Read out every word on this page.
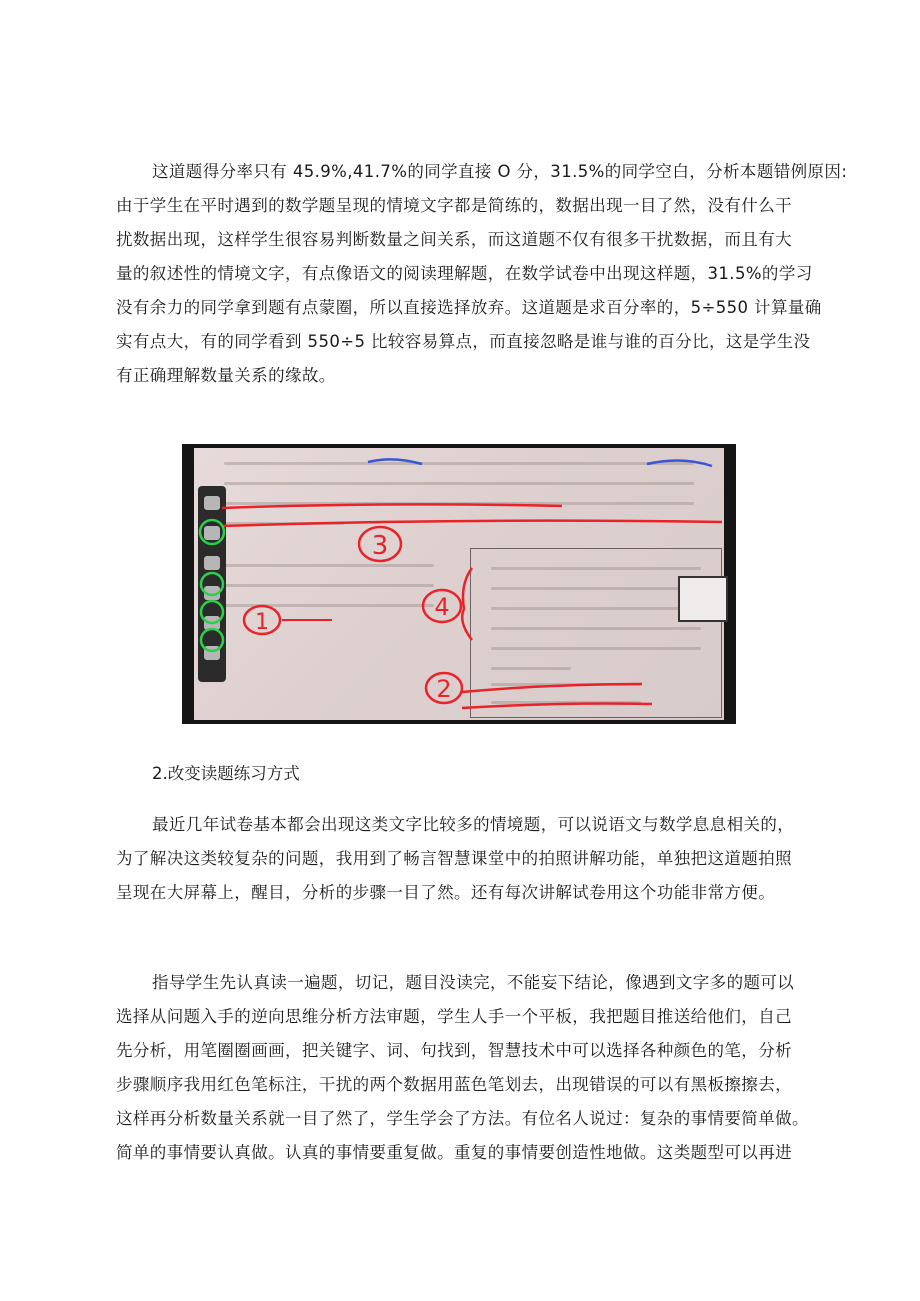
这道题得分率只有 45.9%,41.7%的同学直接 O 分，31.5%的同学空白，分析本题错例原因:
由于学生在平时遇到的数学题呈现的情境文字都是简练的，数据出现一目了然，没有什么干
扰数据出现，这样学生很容易判断数量之间关系，而这道题不仅有很多干扰数据，而且有大
量的叙述性的情境文字，有点像语文的阅读理解题，在数学试卷中出现这样题，31.5%的学习
没有余力的同学拿到题有点蒙圈，所以直接选择放弃。这道题是求百分率的，5÷550 计算量确
实有点大，有的同学看到 550÷5 比较容易算点，而直接忽略是谁与谁的百分比，这是学生没
有正确理解数量关系的缘故。
3
4
1
2

2.改变读题练习方式

最近几年试卷基本都会出现这类文字比较多的情境题，可以说语文与数学息息相关的，
为了解决这类较复杂的问题，我用到了畅言智慧课堂中的拍照讲解功能，单独把这道题拍照
呈现在大屏幕上，醒目，分析的步骤一目了然。还有每次讲解试卷用这个功能非常方便。
指导学生先认真读一遍题，切记，题目没读完，不能妄下结论，像遇到文字多的题可以
选择从问题入手的逆向思维分析方法审题，学生人手一个平板，我把题目推送给他们，自己
先分析，用笔圈圈画画，把关键字、词、句找到，智慧技术中可以选择各种颜色的笔，分析
步骤顺序我用红色笔标注，干扰的两个数据用蓝色笔划去，出现错误的可以有黑板擦擦去，
这样再分析数量关系就一目了然了，学生学会了方法。有位名人说过：复杂的事情要简单做。
简单的事情要认真做。认真的事情要重复做。重复的事情要创造性地做。这类题型可以再进
